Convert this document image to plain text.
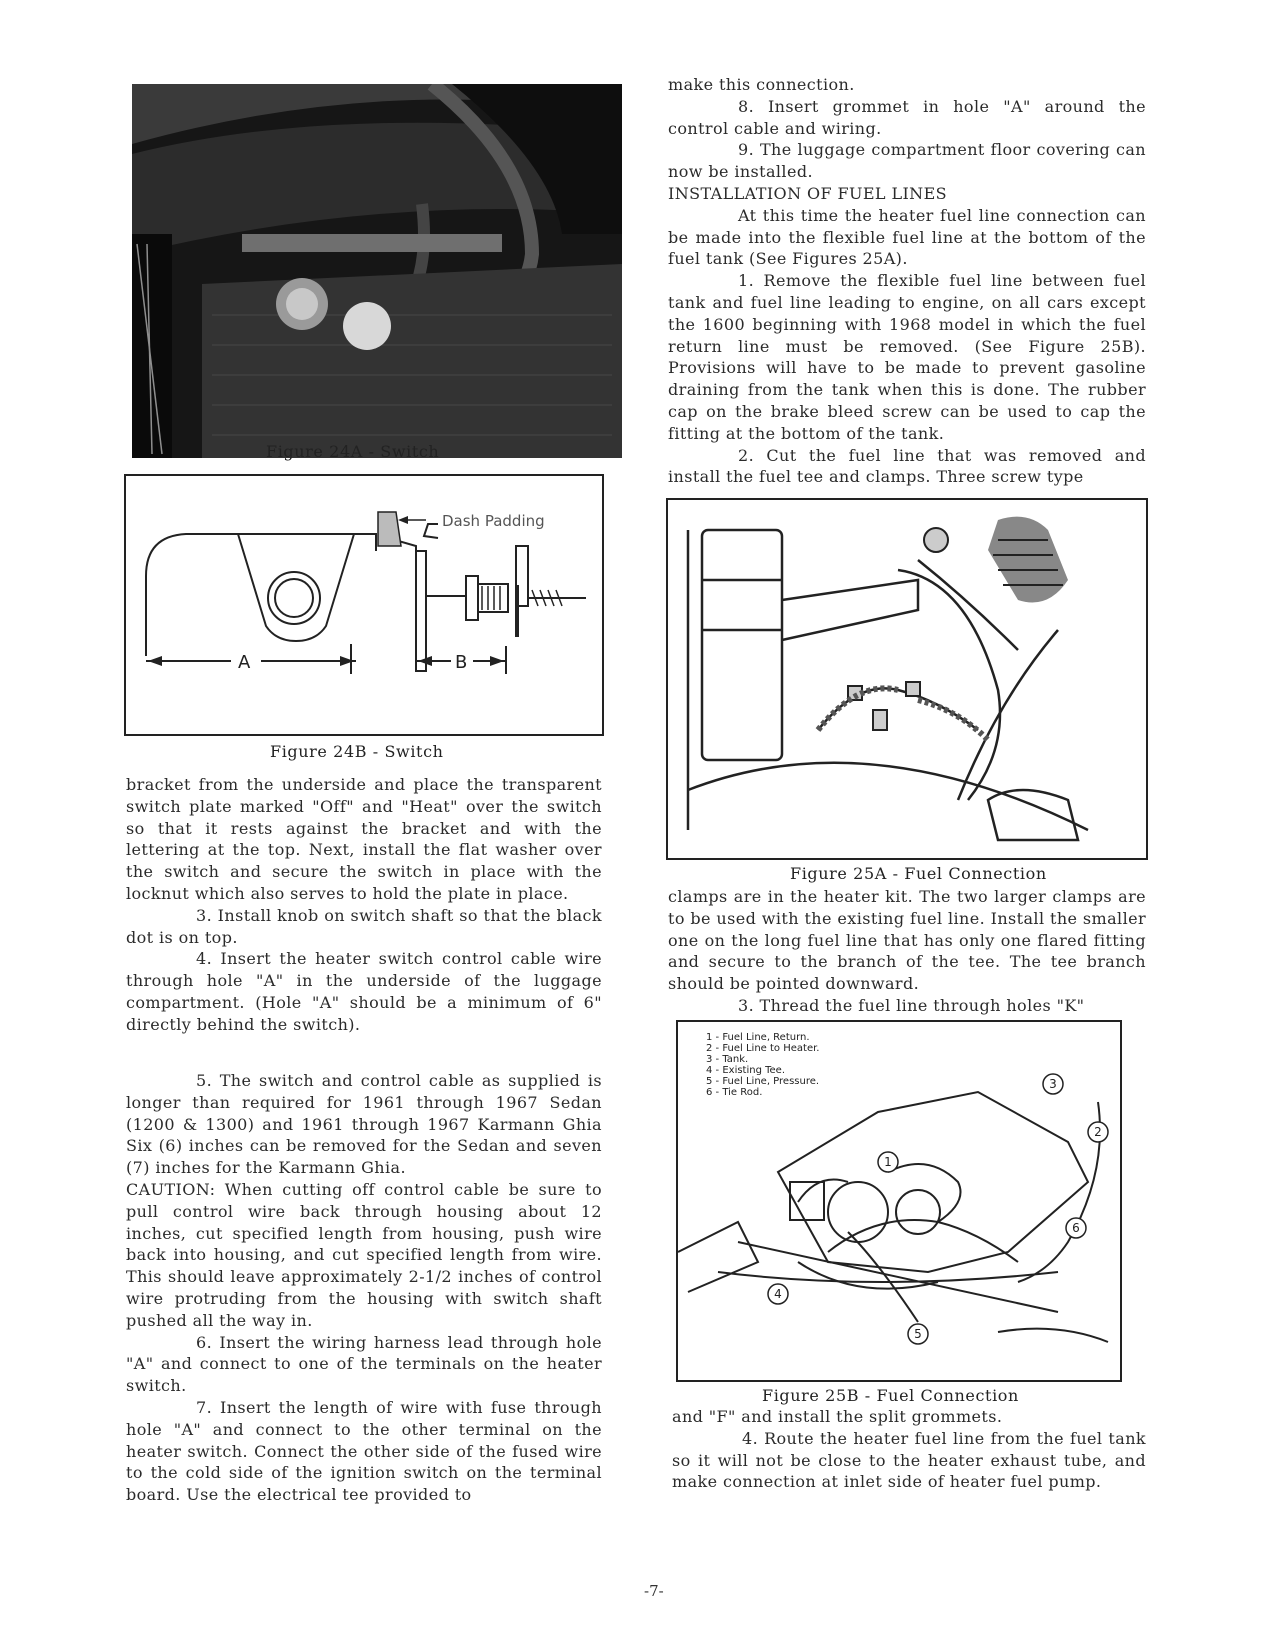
Figure 24A - Switch
Dash Padding
A	B
Figure 24B - Switch

bracket from the underside and place the transparent switch plate marked "Off" and "Heat" over the switch so that it rests against the bracket and with the lettering at the top. Next, install the flat washer over the switch and secure the switch in place with the locknut which also serves to hold the plate in place.

3. Install knob on switch shaft so that the black dot is on top.

4. Insert the heater switch control cable wire through hole "A" in the underside of the luggage compartment. (Hole "A" should be a minimum of 6" directly behind the switch).

5. The switch and control cable as supplied is longer than required for 1961 through 1967 Sedan (1200 & 1300) and 1961 through 1967 Karmann Ghia Six (6) inches can be removed for the Sedan and seven (7) inches for the Karmann Ghia.

CAUTION: When cutting off control cable be sure to pull control wire back through housing about 12 inches, cut specified length from housing, push wire back into housing, and cut specified length from wire. This should leave approximately 2-1/2 inches of control wire protruding from the housing with switch shaft pushed all the way in.

6. Insert the wiring harness lead through hole "A" and connect to one of the terminals on the heater switch.

7. Insert the length of wire with fuse through hole "A" and connect to the other terminal on the heater switch. Connect the other side of the fused wire to the cold side of the ignition switch on the terminal board. Use the electrical tee provided to

make this connection.

8. Insert grommet in hole "A" around the control cable and wiring.

9. The luggage compartment floor covering can now be installed.

INSTALLATION OF FUEL LINES

At this time the heater fuel line connection can be made into the flexible fuel line at the bottom of the fuel tank (See Figures 25A).

1. Remove the flexible fuel line between fuel tank and fuel line leading to engine, on all cars except the 1600 beginning with 1968 model in which the fuel return line must be removed. (See Figure 25B). Provisions will have to be made to prevent gasoline draining from the tank when this is done. The rubber cap on the brake bleed screw can be used to cap the fitting at the bottom of the tank.

2. Cut the fuel line that was removed and install the fuel tee and clamps. Three screw type

Figure 25A - Fuel Connection

clamps are in the heater kit. The two larger clamps are to be used with the existing fuel line. Install the smaller one on the long fuel line that has only one flared fitting and secure to the branch of the tee. The tee branch should be pointed downward.

3. Thread the fuel line through holes "K"

1 - Fuel Line, Return.
2 - Fuel Line to Heater.
3 - Tank.
4 - Existing Tee.
5 - Fuel Line, Pressure.
6 - Tie Rod.
3
2
1
4
5
6
Figure 25B - Fuel Connection

and "F" and install the split grommets.

4. Route the heater fuel line from the fuel tank so it will not be close to the heater exhaust tube, and make connection at inlet side of heater fuel pump.

-7-
